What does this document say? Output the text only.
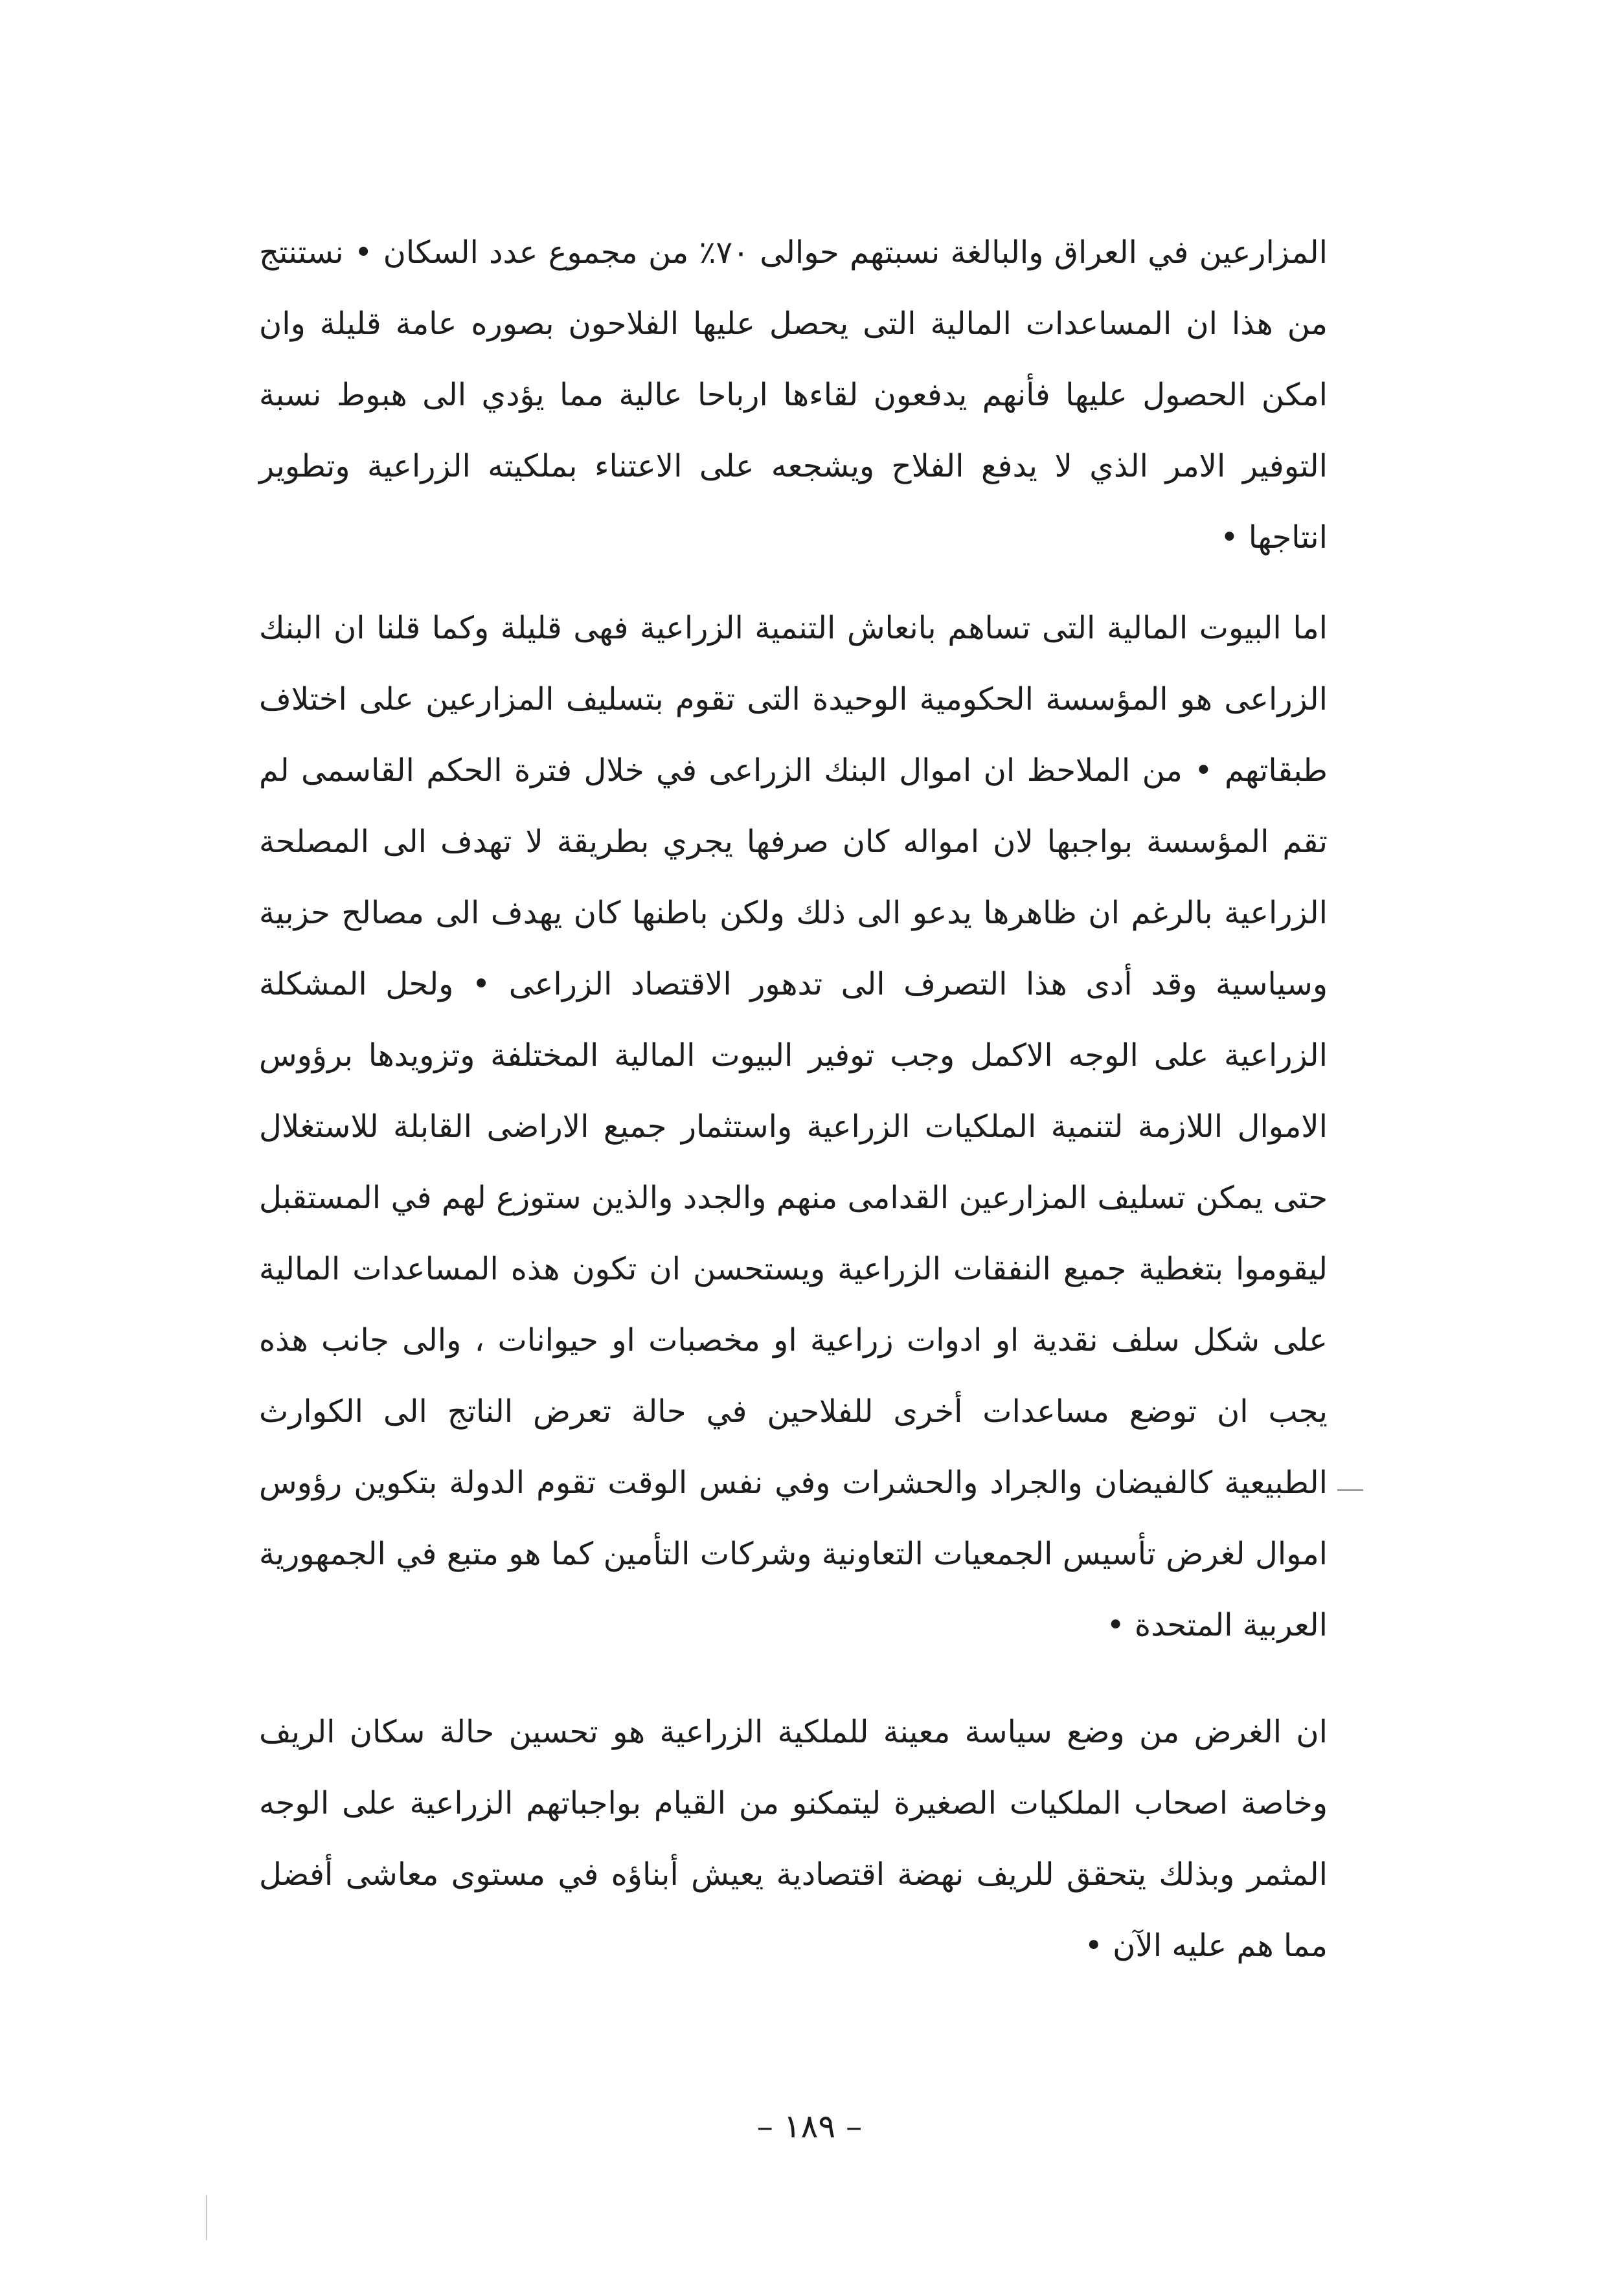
المزارعين في العراق والبالغة نسبتهم حوالى ٧٠٪ من مجموع عدد السكان • نستنتج من هذا ان المساعدات المالية التى يحصل عليها الفلاحون بصوره عامة قليلة وان امكن الحصول عليها فأنهم يدفعون لقاءها ارباحا عالية مما يؤدي الى هبوط نسبة التوفير الامر الذي لا يدفع الفلاح ويشجعه على الاعتناء بملكيته الزراعية وتطوير انتاجها •

اما البيوت المالية التى تساهم بانعاش التنمية الزراعية فهى قليلة وكما قلنا ان البنك الزراعى هو المؤسسة الحكومية الوحيدة التى تقوم بتسليف المزارعين على اختلاف طبقاتهم • من الملاحظ ان اموال البنك الزراعى في خلال فترة الحكم القاسمى لم تقم المؤسسة بواجبها لان امواله كان صرفها يجري بطريقة لا تهدف الى المصلحة الزراعية بالرغم ان ظاهرها يدعو الى ذلك ولكن باطنها كان يهدف الى مصالح حزبية وسياسية وقد أدى هذا التصرف الى تدهور الاقتصاد الزراعى • ولحل المشكلة الزراعية على الوجه الاكمل وجب توفير البيوت المالية المختلفة وتزويدها برؤوس الاموال اللازمة لتنمية الملكيات الزراعية واستثمار جميع الاراضى القابلة للاستغلال حتى يمكن تسليف المزارعين القدامى منهم والجدد والذين ستوزع لهم في المستقبل ليقوموا بتغطية جميع النفقات الزراعية ويستحسن ان تكون هذه المساعدات المالية على شكل سلف نقدية او ادوات زراعية او مخصبات او حيوانات ، والى جانب هذه يجب ان توضع مساعدات أخرى للفلاحين في حالة تعرض الناتج الى الكوارث الطبيعية كالفيضان والجراد والحشرات وفي نفس الوقت تقوم الدولة بتكوين رؤوس اموال لغرض تأسيس الجمعيات التعاونية وشركات التأمين كما هو متبع في الجمهورية العربية المتحدة •

ان الغرض من وضع سياسة معينة للملكية الزراعية هو تحسين حالة سكان الريف وخاصة اصحاب الملكيات الصغيرة ليتمكنو من القيام بواجباتهم الزراعية على الوجه المثمر وبذلك يتحقق للريف نهضة اقتصادية يعيش أبناؤه في مستوى معاشى أفضل مما هم عليه الآن •

– ١٨٩ –
